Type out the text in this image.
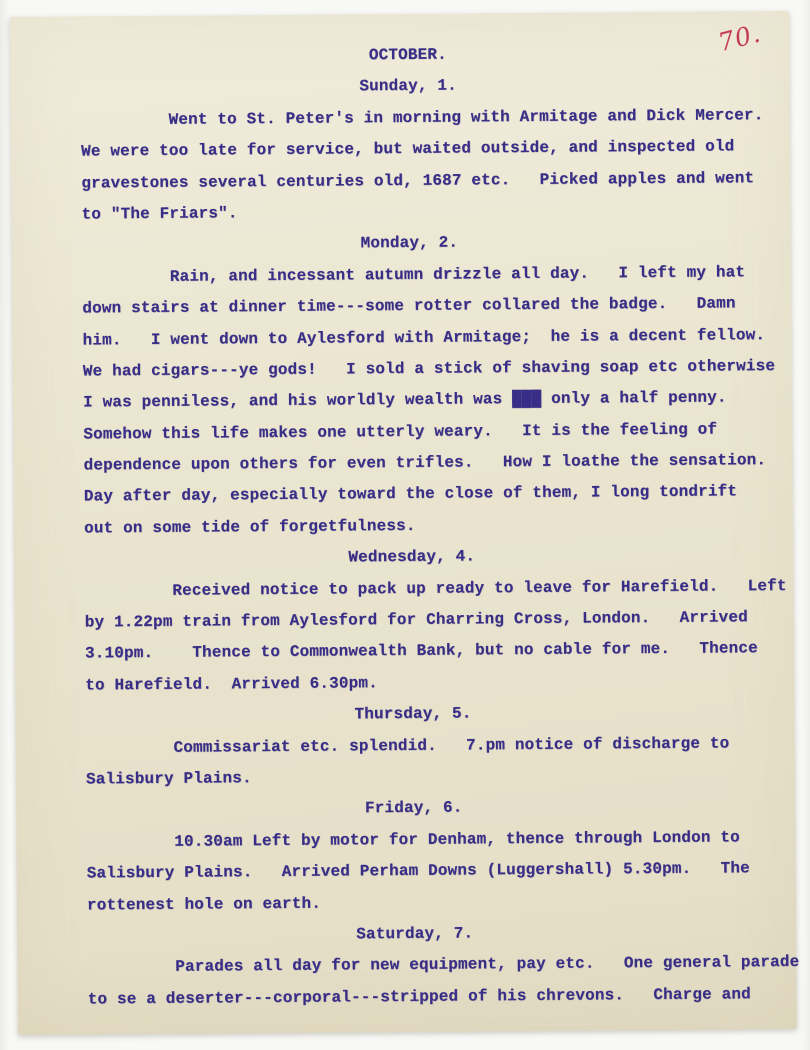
70.
OCTOBER.
Sunday, 1.
Went to St. Peter's in morning with Armitage and Dick Mercer.
We were too late for service, but waited outside, and inspected old
gravestones several centuries old, 1687 etc.   Picked apples and went
to "The Friars".
Monday, 2.
Rain, and incessant autumn drizzle all day.   I left my hat
down stairs at dinner time---some rotter collared the badge.   Damn
him.   I went down to Aylesford with Armitage;  he is a decent fellow.
We had cigars---ye gods!   I sold a stick of shaving soap etc otherwise
I was penniless, and his worldly wealth was ███ only a half penny.
Somehow this life makes one utterly weary.   It is the feeling of
dependence upon others for even trifles.   How I loathe the sensation.
Day after day, especially toward the close of them, I long tondrift
out on some tide of forgetfulness.
Wednesday, 4.
Received notice to pack up ready to leave for Harefield.   Left
by 1.22pm train from Aylesford for Charring Cross, London.   Arrived
3.10pm.    Thence to Commonwealth Bank, but no cable for me.   Thence
to Harefield.  Arrived 6.30pm.
Thursday, 5.
Commissariat etc. splendid.   7.pm notice of discharge to
Salisbury Plains.
Friday, 6.
10.30am Left by motor for Denham, thence through London to
Salisbury Plains.   Arrived Perham Downs (Luggershall) 5.30pm.   The
rottenest hole on earth.
Saturday, 7.
Parades all day for new equipment, pay etc.   One general parade
to se a deserter---corporal---stripped of his chrevons.   Charge and
